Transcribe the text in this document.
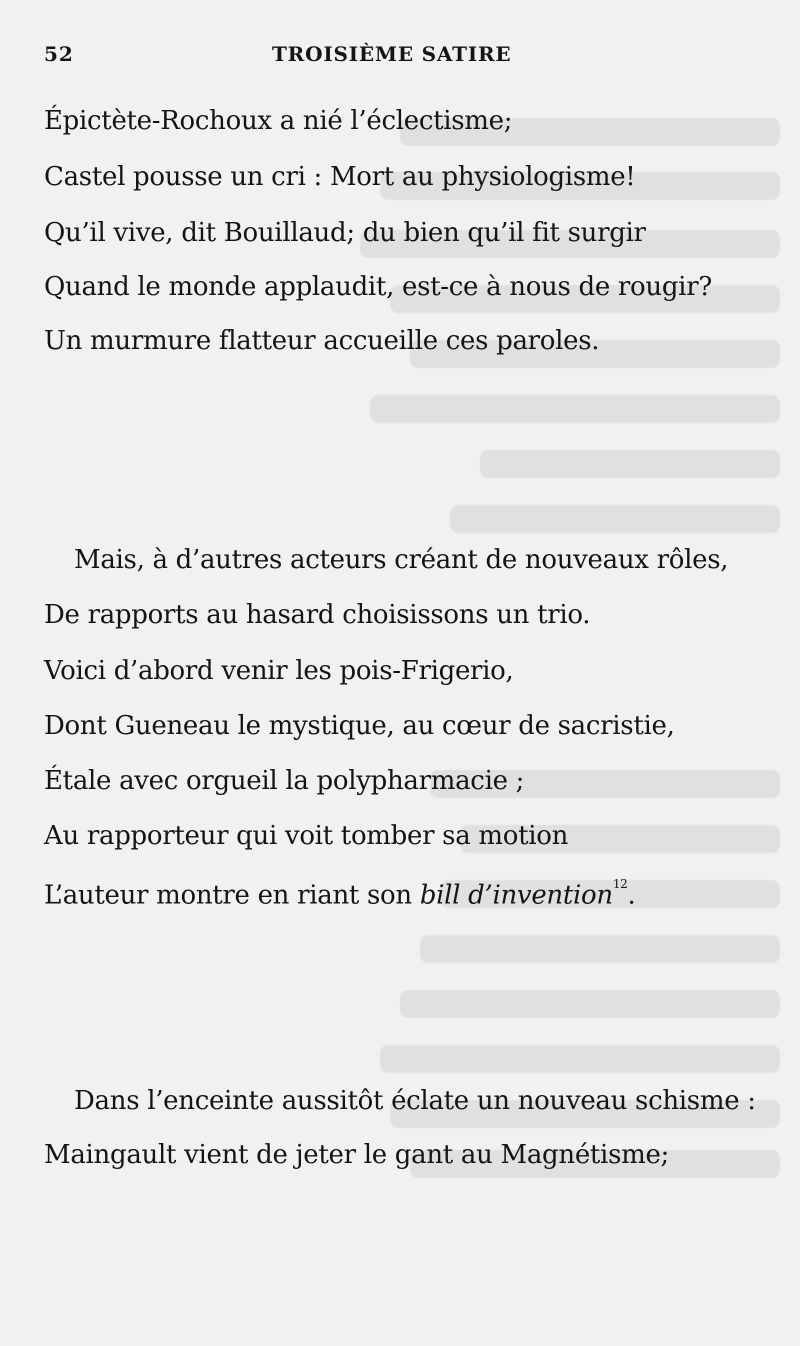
52	TROISIÈME SATIRE
Épictète-Rochoux a nié l’éclectisme;
Castel pousse un cri : Mort au physiologisme!
Qu’il vive, dit Bouillaud; du bien qu’il fit surgir
Quand le monde applaudit, est-ce à nous de rougir?
Un murmure flatteur accueille ces paroles.
Mais, à d’autres acteurs créant de nouveaux rôles,
De rapports au hasard choisissons un trio.
Voici d’abord venir les pois-Frigerio,
Dont Gueneau le mystique, au cœur de sacristie,
Étale avec orgueil la polypharmacie ;
Au rapporteur qui voit tomber sa motion
L’auteur montre en riant son bill d’invention$^{12}$.
Dans l’enceinte aussitôt éclate un nouveau schisme :
Maingault vient de jeter le gant au Magnétisme;
